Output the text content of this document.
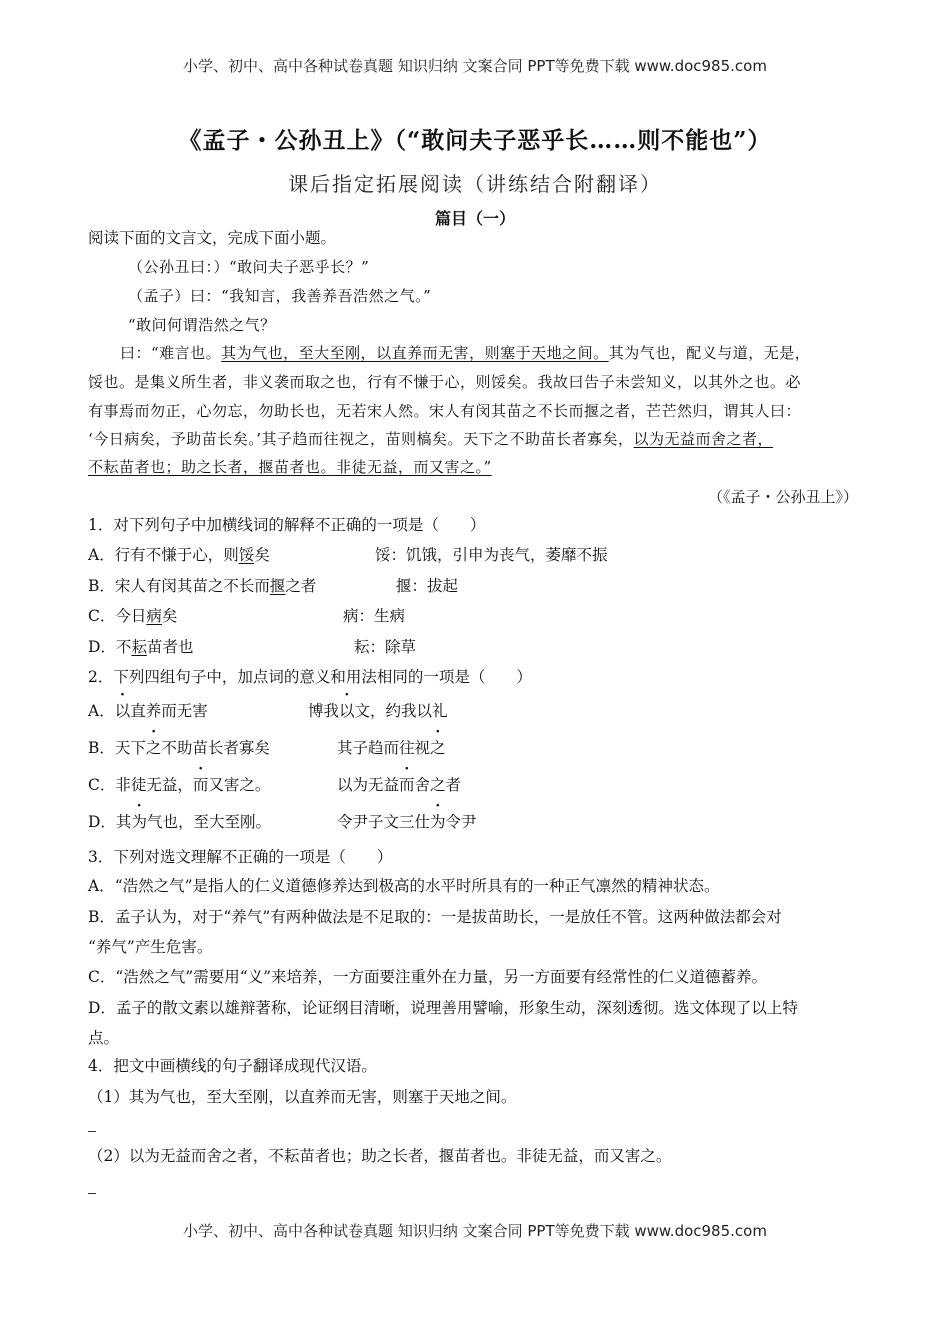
小学、初中、高中各种试卷真题 知识归纳 文案合同 PPT等免费下载 www.doc985.com
《孟子・公孙丑上》（“敢问夫子恶乎长……则不能也”）
课后指定拓展阅读（讲练结合附翻译）
篇目（一）
阅读下面的文言文，完成下面小题。
（公孙丑曰：）“敢问夫子恶乎长？”
（孟子）曰：“我知言，我善养吾浩然之气。”
“敢问何谓浩然之气？
曰：“难言也。其为气也，至大至刚，以直养而无害，则塞于天地之间。其为气也，配义与道，无是，
馁也。是集义所生者，非义袭而取之也，行有不慊于心，则馁矣。我故曰告子未尝知义，以其外之也。必
有事焉而勿正，心勿忘，勿助长也，无若宋人然。宋人有闵其苗之不长而揠之者，芒芒然归，谓其人曰：
‘今日病矣，予助苗长矣。’其子趋而往视之，苗则槁矣。天下之不助苗长者寡矣，以为无益而舍之者，
不耘苗者也；助之长者，揠苗者也。非徒无益，而又害之。”
（《孟子・公孙丑上》）
1．对下列句子中加横线词的解释不正确的一项是（　　）
A．行有不慊于心，则馁矣	馁：饥饿，引申为丧气，萎靡不振
B．宋人有闵其苗之不长而揠之者	揠：拔起
C．今日病矣	病：生病
D．不耘苗者也	耘：除草
2．下列四组句子中，加点词的意义和用法相同的一项是（　　）
A．以直养而无害	博我以文，约我以礼
B．天下之不助苗长者寡矣	其子趋而往视之
C．非徒无益，而又害之。	以为无益而舍之者
D．其为气也，至大至刚。	令尹子文三仕为令尹
3．下列对选文理解不正确的一项是（　　）
A．“浩然之气”是指人的仁义道德修养达到极高的水平时所具有的一种正气凛然的精神状态。
B．孟子认为，对于“养气”有两种做法是不足取的：一是拔苗助长，一是放任不管。这两种做法都会对
“养气”产生危害。
C．“浩然之气”需要用“义”来培养，一方面要注重外在力量，另一方面要有经常性的仁义道德蓄养。
D．孟子的散文素以雄辩著称，论证纲目清晰，说理善用譬喻，形象生动，深刻透彻。选文体现了以上特
点。
4．把文中画横线的句子翻译成现代汉语。
（1）其为气也，至大至刚，以直养而无害，则塞于天地之间。
（2）以为无益而舍之者，不耘苗者也；助之长者，揠苗者也。非徒无益，而又害之。
小学、初中、高中各种试卷真题 知识归纳 文案合同 PPT等免费下载 www.doc985.com
